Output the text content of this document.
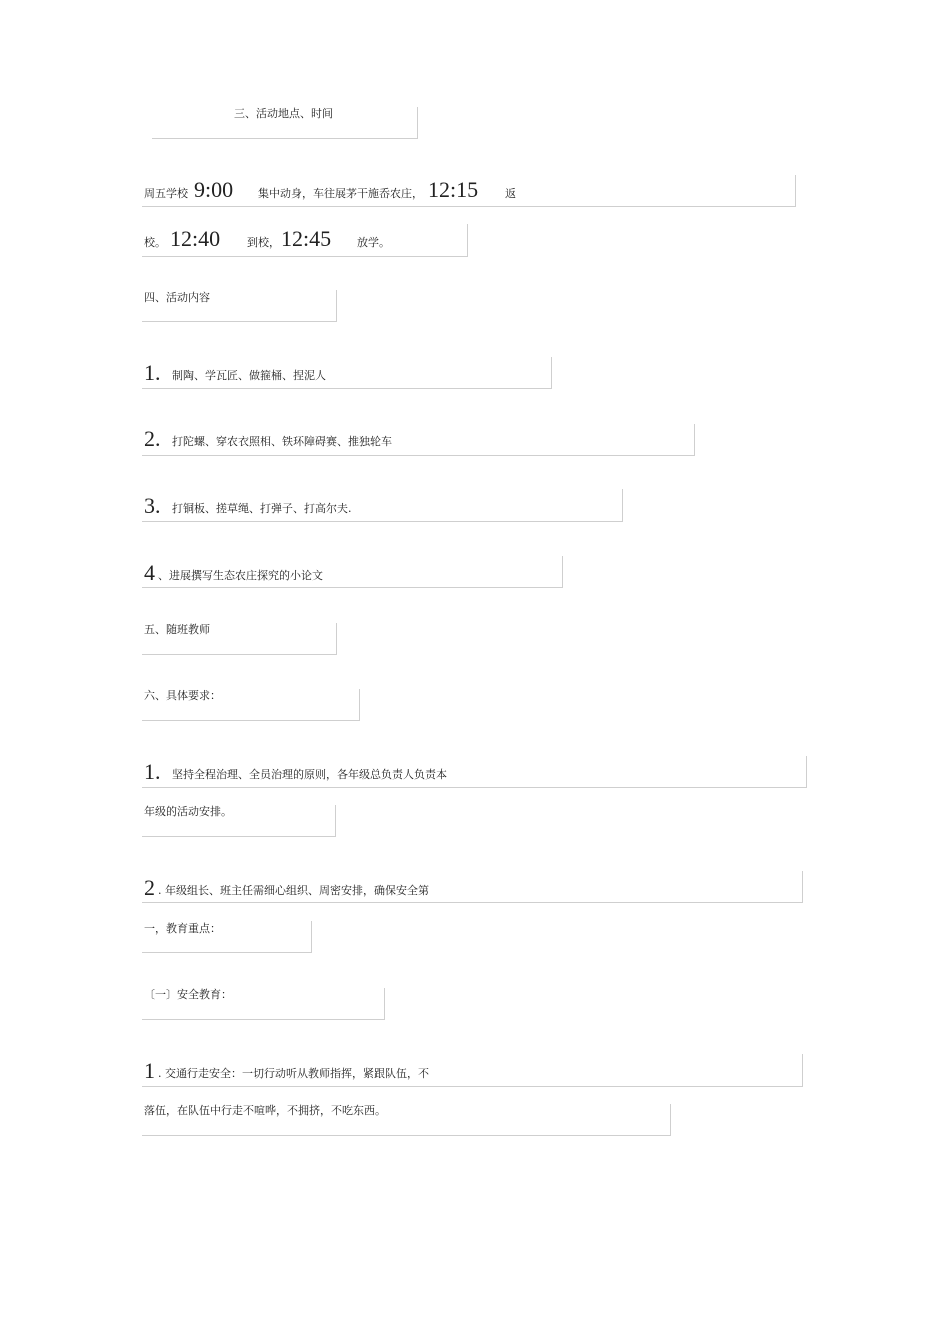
三、活动地点、时间
周五学校 9:00 集中动身，车往展茅干施岙农庄， 12:15 返
校。 12:40 到校， 12:45 放学。
四、活动内容
1. 制陶、学瓦匠、做箍桶、捏泥人
2. 打陀螺、穿农衣照相、铁环障碍赛、推独轮车
3. 打铜板、搓草绳、打弹子、打高尔夫.
4 、进展撰写生态农庄探究的小论文
五、随班教师
六、具体要求：
1. 坚持全程治理、全员治理的原则，各年级总负责人负责本
年级的活动安排。
2 . 年级组长、班主任需细心组织、周密安排，确保安全第
一，教育重点：
〔一〕安全教育：
1 . 交通行走安全：一切行动听从教师指挥，紧跟队伍，不
落伍，在队伍中行走不喧哗，不拥挤，不吃东西。
